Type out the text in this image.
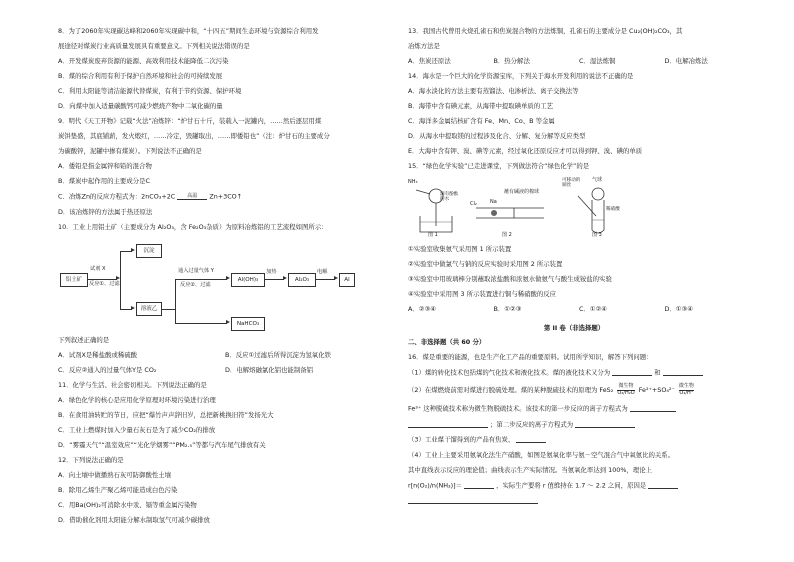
8．为了2060年实现碳达峰和2060年实现碳中和，“十四五”期间生态环境与资源综合利用发

展途径对煤炭行业高质量发展具有重要意义。下列相关说法错误的是

A．开发煤炭废弃资源的能源、高效利用技术能降低二次污染

B．煤的综合利用有利于保护自然环境和社会的可持续发展

C．利用太阳能等清洁能源代替煤炭，有利于节约资源、保护环境

D．向煤中加入适量碳酸钙可减少燃烧产物中二氧化碳的量

9．明代《天工开物》记载“火法”冶炼锌：“炉甘石十斤，装载入一泥罐内，……然后逐层用煤

炭饼垫盛，其底铺薪，发火煅红，……冷定，毁罐取出，……即倭铅也”（注：炉甘石的主要成分

为碳酸锌，泥罐中掺有煤炭）。下列说法不正确的是

A．倭铅是指金属锌和铅的混合物

B．煤炭中起作用的主要成分是C

C．冶炼Zn的反应方程式为：2nCO₃+2C	高温	Zn+3CO↑

D．该冶炼锌的方法属于热还原法

10．工业上用铝土矿（主要成分为 Al₂O₃，含 Fe₂O₃杂质）为原料冶炼铝的工艺流程如图所示：

铝土矿
试剂 X
反应①、过滤
沉淀
溶液乙
通入过量气体 Y
反应②、过滤
Al(OH)₃
NaHCO₃
加热
Al₂O₃
电解
Al

下列叙述正确的是

A．试剂X是稀盐酸或稀硫酸	B．反应①过滤后所得沉淀为氢氧化铁

C．反应②通入的过量气体Y是 CO₂	D．电解熔融氯化铝也能制备铝

11．化学与生活、社会密切相关。下列说法正确的是

A．绿色化学的核心是应用化学原理对环境污染进行治理

B．在食用油转贮的节日，应把“爆竹声声辞旧岁，总把新桃换旧符”发扬光大

C．工业上燃煤时加入少量石灰石是为了减少CO₂的排放

D．“雾霾天气”“温室效应”“光化学烟雾”“PM₂.₅”等都与汽车尾气排放有关

12．下列说法正确的是

A．向土壤中做播熟石灰可防御酸性土壤

B．除用乙烯生产聚乙烯可能造成白色污染

C．用Ba(OH)₂可消除水中汞、镉等重金属污染物

D．借助催化剂用太阳能分解水制取氢气可减少碳排放

13．我国古代曾用火烧孔雀石和焦炭混合物的方法炼铜，孔雀石的主要成分是 Cu₂(OH)₂CO₃，其

冶炼方法是

A．焦炭还原法	B．热分解法	C．湿法炼铜	D．电解冶炼法

14．海水是一个巨大的化学资源宝库，下列关于海水开发利用的说法不正确的是

A．海水淡化的方法主要有蒸馏法、电渗析法、离子交换法等

B．海带中含有碘元素，从海带中提取碘单质的工艺

C．海洋多金属结核矿含有 Fe、Mn、Co、B 等金属

D．从海水中提取镁的过程涉及化合、分解、复分解等反应类型

E．大海中含有钾、溴、碘等元素，经过氧化还原反应才可以得到钾、溴、碘的单质

15．“绿色化学实验”已走进课堂，下列做法符合“绿色化学”的是

NH₃
滴有酚酞的水
图 1
Cl₂	Na
蘸有碱液的棉球
图 2
可移动的铜丝
气球
稀硝酸
图 3

①实验室收集氨气采用图 1 所示装置

②实验室中做氯气与钠的反应实验时采用图 2 所示装置

③实验室中用玻璃棒分别蘸取浓盐酸和浓氨水做氨气与酸生成铵盐的实验

④实验室中采用图 3 所示装置进行铜与稀硝酸的反应

A．②③④	B．①②③	C．①②④	D．①③④

第 II 卷（非选择题）

二、非选择题（共 60 分）

16．煤是重要的能源，也是生产化工产品的重要原料。试用所学知识，解答下列问题：

（1）煤的转化技术包括煤的气化技术和液化技术。煤的液化技术又分为	和

（2）在煤燃烧前需对煤进行脱硫处理。煤的某种脱硫技术的原理为 $FeS_2 \frac{\text{微生物}}{\text{O₂/H₂O}} Fe^{2+}+SO_4^{2-} \frac{\text{微生物}}{\text{O₂/H⁺}}$

Fe³⁺ 这种脱硫技术称为微生物脱硫技术。该技术的第一步反应的离子方程式为

；第二步反应的离子方程式为

（3）工业煤干馏得到的产品有焦炭、

（4）工业上主要采用氨氧化法生产硝酸，如图是氨氧化率与氨－空气混合气中氧氨比的关系。

其中直线表示反应的理论值；曲线表示生产实际情况。当氨氧化率达到 100%，理论上

r[n(O₂)/n(NH₃)]＝	，实际生产要将 r 值维持在 1.7 ～ 2.2 之间，原因是
